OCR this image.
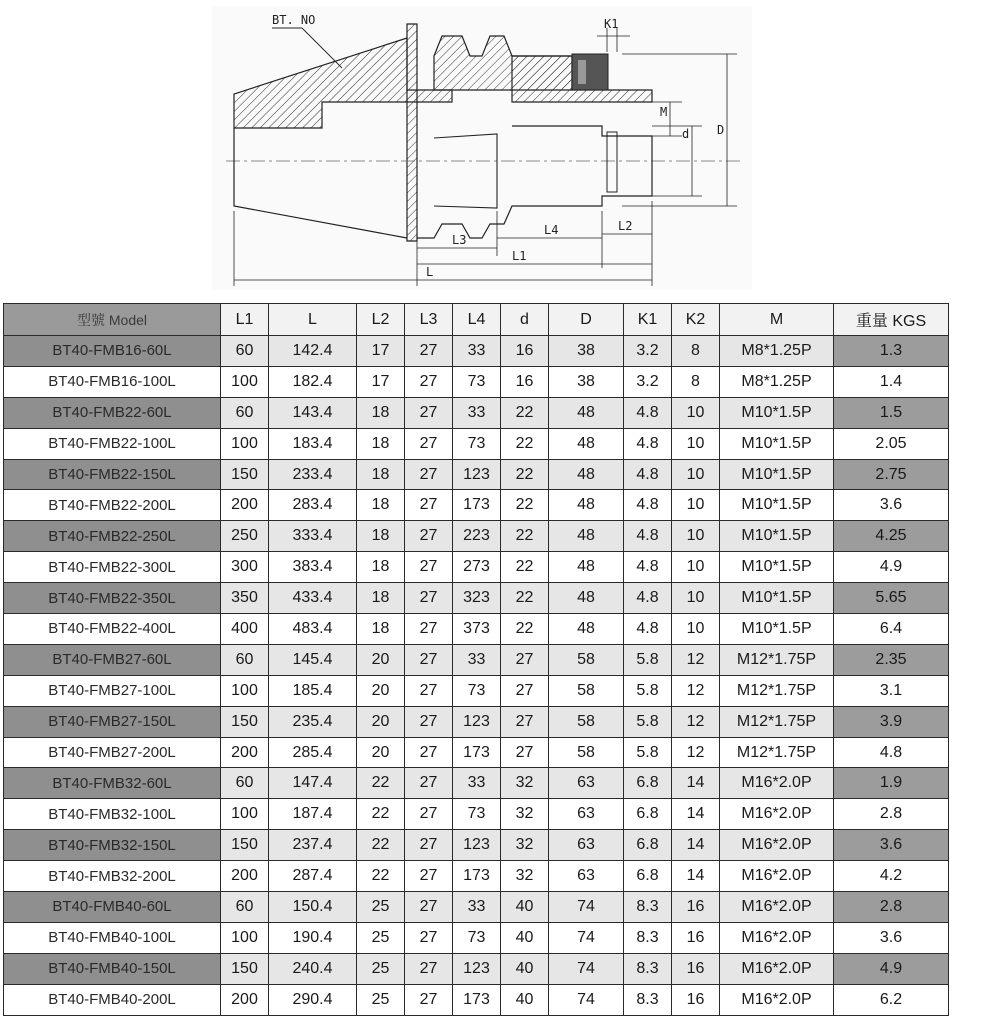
BT. NO	K1
M
d D
L2
L3
L4
L1
L
型號 Model	L1	L	L2	L3	L4	d	D	K1	K2	M	重量 KGS
BT40-FMB16-60L	60	142.4	17	27	33	16	38	3.2	8	M8*1.25P	1.3
BT40-FMB16-100L	100	182.4	17	27	73	16	38	3.2	8	M8*1.25P	1.4
BT40-FMB22-60L	60	143.4	18	27	33	22	48	4.8	10	M10*1.5P	1.5
BT40-FMB22-100L	100	183.4	18	27	73	22	48	4.8	10	M10*1.5P	2.05
BT40-FMB22-150L	150	233.4	18	27	123	22	48	4.8	10	M10*1.5P	2.75
BT40-FMB22-200L	200	283.4	18	27	173	22	48	4.8	10	M10*1.5P	3.6
BT40-FMB22-250L	250	333.4	18	27	223	22	48	4.8	10	M10*1.5P	4.25
BT40-FMB22-300L	300	383.4	18	27	273	22	48	4.8	10	M10*1.5P	4.9
BT40-FMB22-350L	350	433.4	18	27	323	22	48	4.8	10	M10*1.5P	5.65
BT40-FMB22-400L	400	483.4	18	27	373	22	48	4.8	10	M10*1.5P	6.4
BT40-FMB27-60L	60	145.4	20	27	33	27	58	5.8	12	M12*1.75P	2.35
BT40-FMB27-100L	100	185.4	20	27	73	27	58	5.8	12	M12*1.75P	3.1
BT40-FMB27-150L	150	235.4	20	27	123	27	58	5.8	12	M12*1.75P	3.9
BT40-FMB27-200L	200	285.4	20	27	173	27	58	5.8	12	M12*1.75P	4.8
BT40-FMB32-60L	60	147.4	22	27	33	32	63	6.8	14	M16*2.0P	1.9
BT40-FMB32-100L	100	187.4	22	27	73	32	63	6.8	14	M16*2.0P	2.8
BT40-FMB32-150L	150	237.4	22	27	123	32	63	6.8	14	M16*2.0P	3.6
BT40-FMB32-200L	200	287.4	22	27	173	32	63	6.8	14	M16*2.0P	4.2
BT40-FMB40-60L	60	150.4	25	27	33	40	74	8.3	16	M16*2.0P	2.8
BT40-FMB40-100L	100	190.4	25	27	73	40	74	8.3	16	M16*2.0P	3.6
BT40-FMB40-150L	150	240.4	25	27	123	40	74	8.3	16	M16*2.0P	4.9
BT40-FMB40-200L	200	290.4	25	27	173	40	74	8.3	16	M16*2.0P	6.2
